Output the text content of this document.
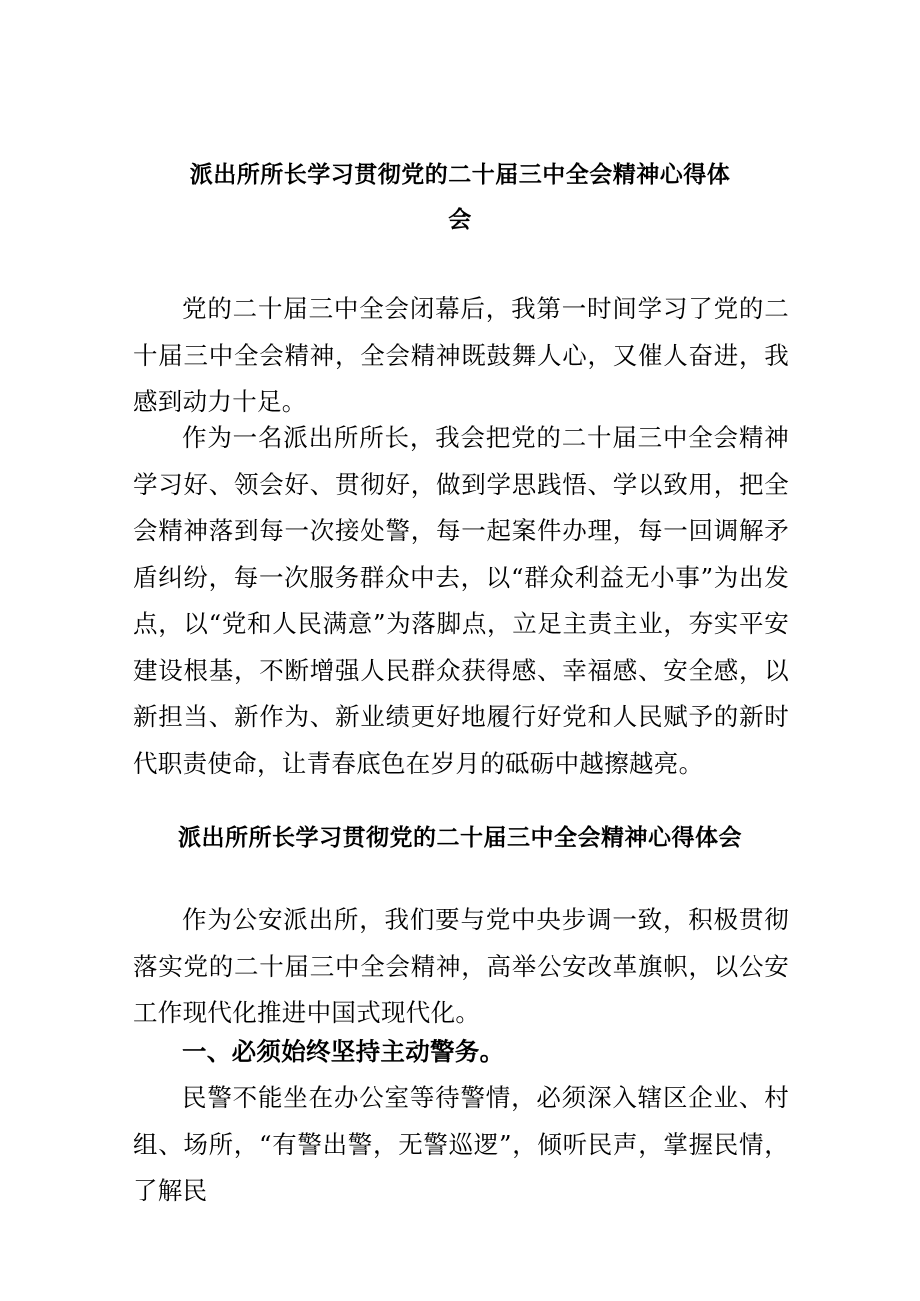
派出所所长学习贯彻党的二十届三中全会精神心得体
会

党的二十届三中全会闭幕后，我第一时间学习了党的二十届三中全会精神，全会精神既鼓舞人心，又催人奋进，我感到动力十足。

作为一名派出所所长，我会把党的二十届三中全会精神学习好、领会好、贯彻好，做到学思践悟、学以致用，把全会精神落到每一次接处警，每一起案件办理，每一回调解矛盾纠纷，每一次服务群众中去，以“群众利益无小事”为出发点，以“党和人民满意”为落脚点，立足主责主业，夯实平安建设根基，不断增强人民群众获得感、幸福感、安全感，以新担当、新作为、新业绩更好地履行好党和人民赋予的新时代职责使命，让青春底色在岁月的砥砺中越擦越亮。

派出所所长学习贯彻党的二十届三中全会精神心得体会

作为公安派出所，我们要与党中央步调一致，积极贯彻落实党的二十届三中全会精神，高举公安改革旗帜，以公安工作现代化推进中国式现代化。

一、必须始终坚持主动警务。

民警不能坐在办公室等待警情，必须深入辖区企业、村组、场所，“有警出警，无警巡逻”，倾听民声，掌握民情，了解民
